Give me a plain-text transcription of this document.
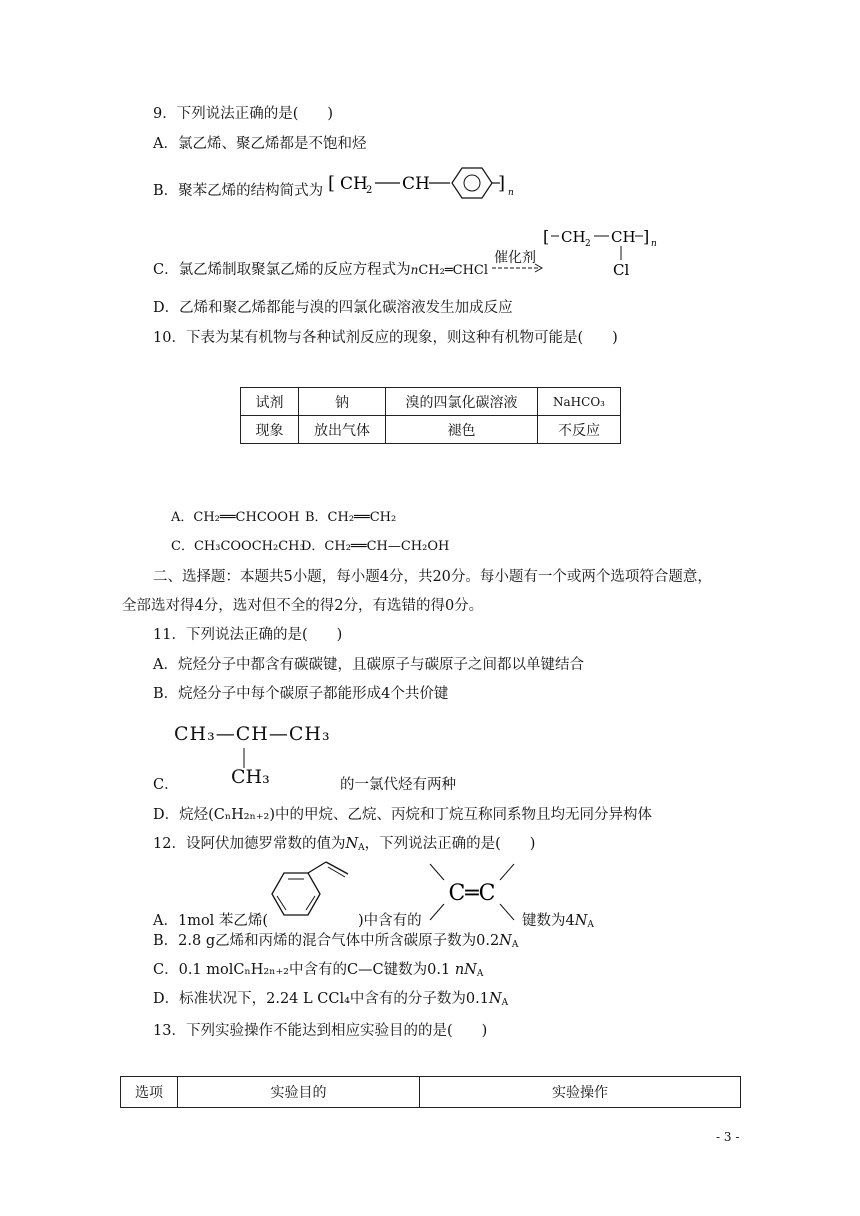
9．下列说法正确的是(　　)
A．氯乙烯、聚乙烯都是不饱和烃
B．聚苯乙烯的结构简式为 [ CH
2 CH	] n
C．氯乙烯制取聚氯乙烯的反应方程式为nCH₂═CHCl
催化剂
[ CH 2 CH ] n
Cl
D．乙烯和聚乙烯都能与溴的四氯化碳溶液发生加成反应
10．下表为某有机物与各种试剂反应的现象，则这种有机物可能是(　　)
试剂	钠	溴的四氯化碳溶液	NaHCO₃
现象	放出气体	褪色	不反应
A．CH₂══CHCOOH B．CH₂══CH₂
C．CH₃COOCH₂CH₃
D．CH₂══CH—CH₂OH
二、选择题：本题共5小题，每小题4分，共20分。每小题有一个或两个选项符合题意，
全部选对得4分，选对但不全的得2分，有选错的得0分。
11．下列说法正确的是(　　)
A．烷烃分子中都含有碳碳键，且碳原子与碳原子之间都以单键结合
B．烷烃分子中每个碳原子都能形成4个共价键
CH₃—CH—CH₃
C．	CH₃	的一氯代烃有两种
D．烷烃(CₙH₂ₙ₊₂)中的甲烷、乙烷、丙烷和丁烷互称同系物且均无同分异构体
12．设阿伏加德罗常数的值为$N_A$，下列说法正确的是(　　)
C═C
A．1mol 苯乙烯(	)中含有的	键数为$4N_A$
B．2.8 g乙烯和丙烯的混合气体中所含碳原子数为$0.2N_A$
C．0.1 molCₙH₂ₙ₊₂中含有的C—C键数为0.1 $nN_A$
D．标准状况下，2.24 L CCl₄中含有的分子数为$0.1N_A$
13．下列实验操作不能达到相应实验目的的是(　　)
选项	实验目的	实验操作
- 3 -
